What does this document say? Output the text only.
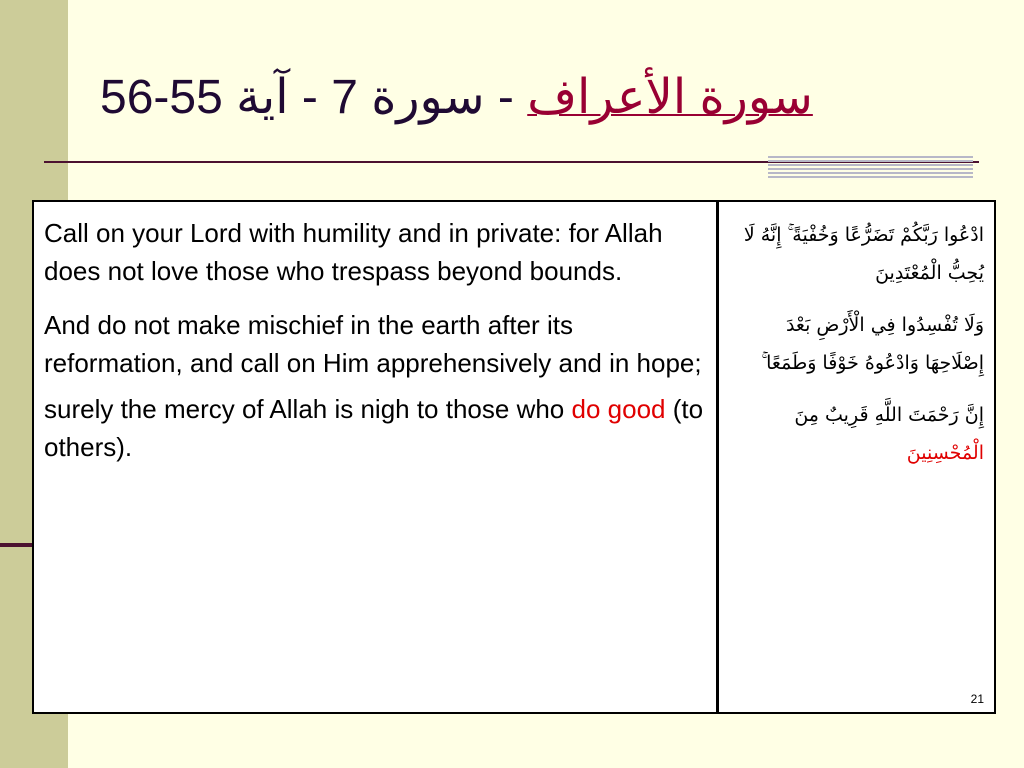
سورة الأعراف - سورة 7 - آية 55-56

Call on your Lord with humility and in private: for Allah does not love those who trespass beyond bounds.

And do not make mischief in the earth after its reformation, and call on Him apprehensively and in hope;

surely the mercy of Allah is nigh to those who do good (to others).

ادْعُوا رَبَّكُمْ تَضَرُّعًا وَخُفْيَةً ۚ إِنَّهُ لَا يُحِبُّ الْمُعْتَدِينَ

وَلَا تُفْسِدُوا فِي الْأَرْضِ بَعْدَ إِصْلَاحِهَا وَادْعُوهُ خَوْفًا وَطَمَعًا ۚ

إِنَّ رَحْمَتَ اللَّهِ قَرِيبٌ مِنَ الْمُحْسِنِينَ

21
